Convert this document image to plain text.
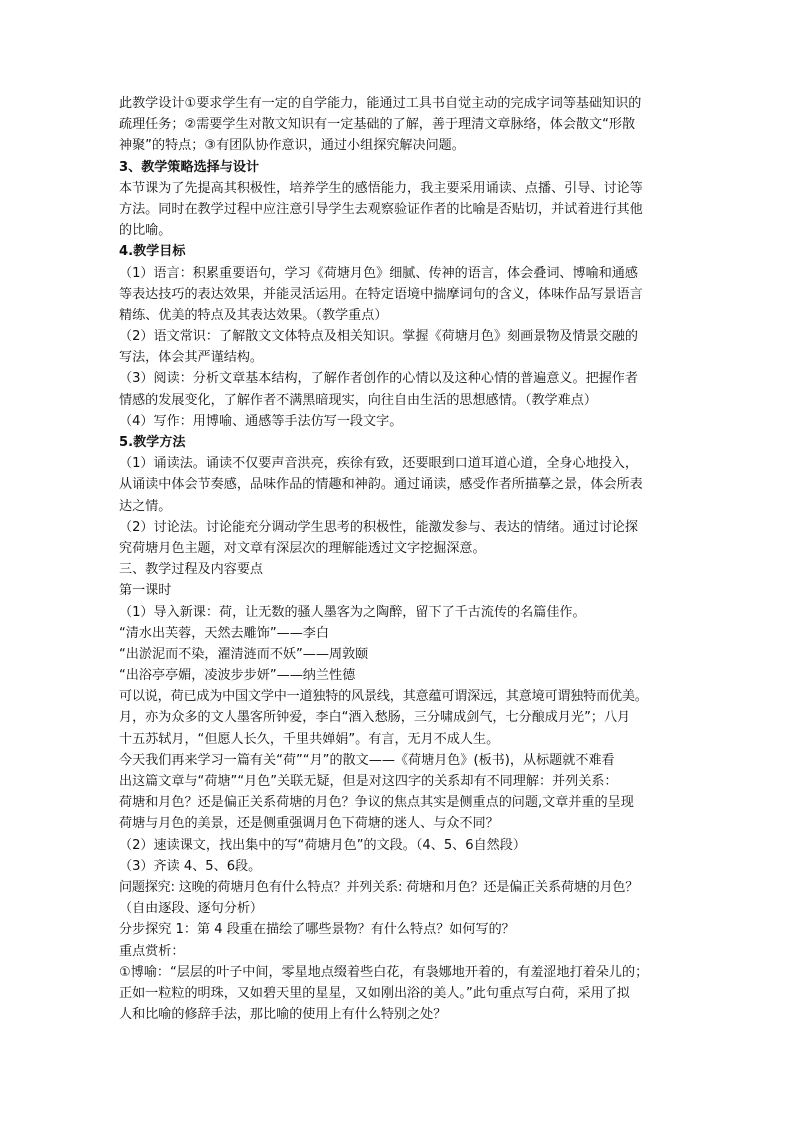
此教学设计①要求学生有一定的自学能力，能通过工具书自觉主动的完成字词等基础知识的
疏理任务；②需要学生对散文知识有一定基础的了解，善于理清文章脉络，体会散文“形散
神聚”的特点；③有团队协作意识，通过小组探究解决问题。
3、教学策略选择与设计
本节课为了先提高其积极性，培养学生的感悟能力，我主要采用诵读、点播、引导、讨论等
方法。同时在教学过程中应注意引导学生去观察验证作者的比喻是否贴切，并试着进行其他
的比喻。
4.教学目标
（1）语言：积累重要语句，学习《荷塘月色》细腻、传神的语言，体会叠词、博喻和通感
等表达技巧的表达效果，并能灵活运用。在特定语境中揣摩词句的含义，体味作品写景语言
精练、优美的特点及其表达效果。（教学重点）
（2）语文常识：了解散文文体特点及相关知识。掌握《荷塘月色》刻画景物及情景交融的
写法，体会其严谨结构。
（3）阅读：分析文章基本结构，了解作者创作的心情以及这种心情的普遍意义。把握作者
情感的发展变化，了解作者不满黑暗现实，向往自由生活的思想感情。（教学难点）
（4）写作：用博喻、通感等手法仿写一段文字。
5.教学方法
（1）诵读法。诵读不仅要声音洪亮，疾徐有致，还要眼到口道耳道心道，全身心地投入，
从诵读中体会节奏感，品味作品的情趣和神韵。通过诵读，感受作者所描摹之景，体会所表
达之情。
（2）讨论法。讨论能充分调动学生思考的积极性，能激发参与、表达的情绪。通过讨论探
究荷塘月色主题，对文章有深层次的理解能透过文字挖掘深意。
三、教学过程及内容要点
第一课时
（1）导入新课：荷，让无数的骚人墨客为之陶醉，留下了千古流传的名篇佳作。
“清水出芙蓉，天然去雕饰”——李白
“出淤泥而不染，濯清涟而不妖”——周敦颐
“出浴亭亭媚，凌波步步妍”——纳兰性德
可以说，荷已成为中国文学中一道独特的风景线，其意蕴可谓深远，其意境可谓独特而优美。
月，亦为众多的文人墨客所钟爱，李白“酒入愁肠，三分啸成剑气，七分酿成月光”；八月
十五苏轼月，“但愿人长久，千里共婵娟”。有言，无月不成人生。
今天我们再来学习一篇有关“荷”“月”的散文——《荷塘月色》(板书)，从标题就不难看
出这篇文章与“荷塘”“月色”关联无疑，但是对这四字的关系却有不同理解：并列关系：
荷塘和月色？还是偏正关系荷塘的月色？争议的焦点其实是侧重点的问题,文章并重的呈现
荷塘与月色的美景，还是侧重强调月色下荷塘的迷人、与众不同？
（2）速读课文，找出集中的写“荷塘月色”的文段。（4、5、6自然段）
（3）齐读 4、5、6段。
问题探究: 这晚的荷塘月色有什么特点？并列关系: 荷塘和月色？还是偏正关系荷塘的月色？
（自由逐段、逐句分析）
分步探究 1：第 4 段重在描绘了哪些景物？有什么特点？如何写的？
重点赏析：
①博喻：“层层的叶子中间，零星地点缀着些白花，有袅娜地开着的，有羞涩地打着朵儿的；
正如一粒粒的明珠，又如碧天里的星星，又如刚出浴的美人。”此句重点写白荷，采用了拟
人和比喻的修辞手法，那比喻的使用上有什么特别之处？
